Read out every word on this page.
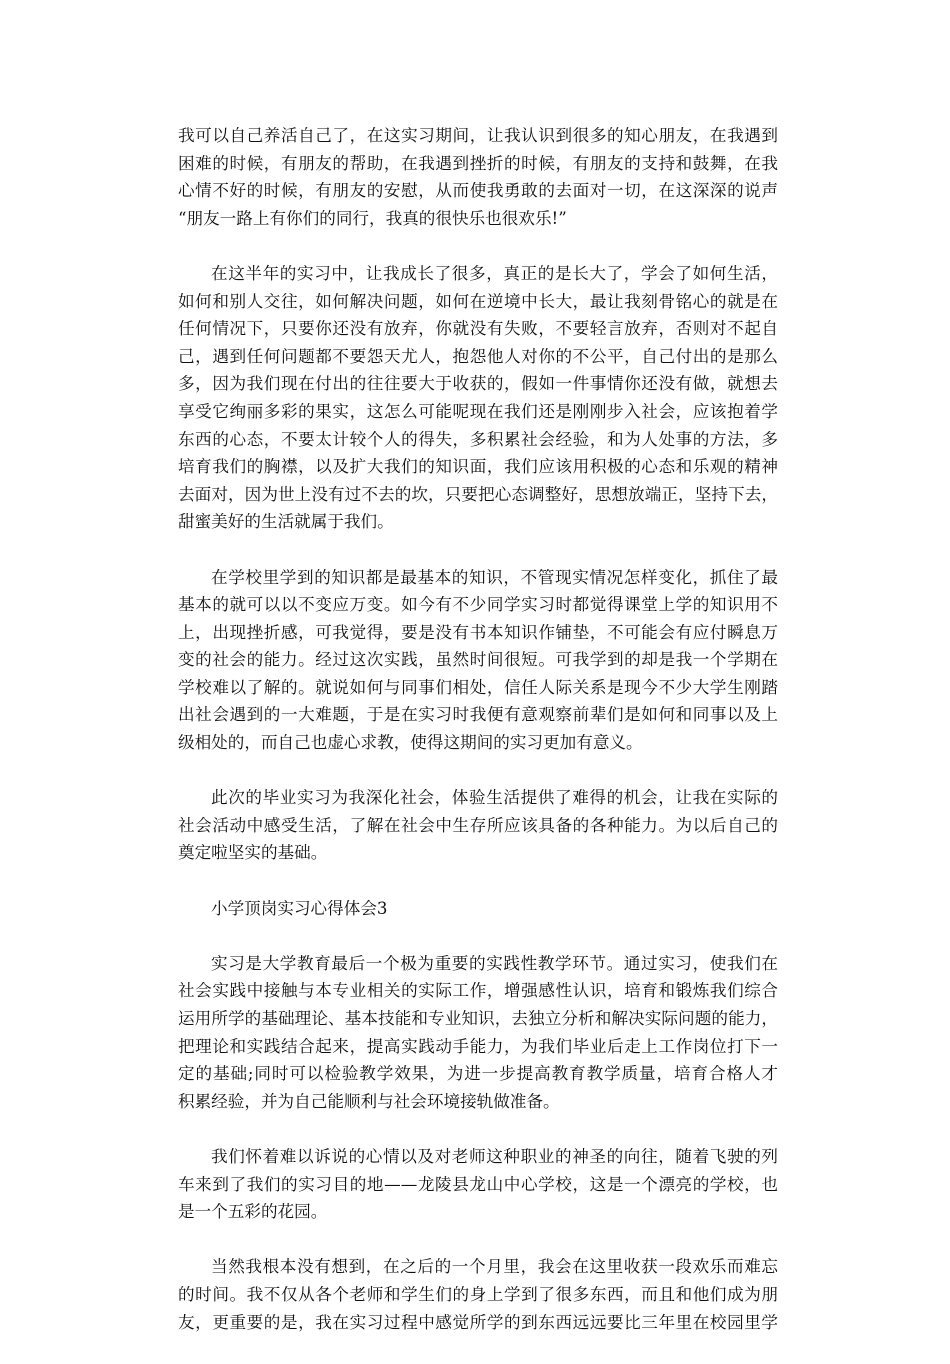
我可以自己养活自己了，在这实习期间，让我认识到很多的知心朋友，在我遇到
困难的时候，有朋友的帮助，在我遇到挫折的时候，有朋友的支持和鼓舞，在我
心情不好的时候，有朋友的安慰，从而使我勇敢的去面对一切，在这深深的说声
“朋友一路上有你们的同行，我真的很快乐也很欢乐!”
在这半年的实习中，让我成长了很多，真正的是长大了，学会了如何生活，
如何和别人交往，如何解决问题，如何在逆境中长大，最让我刻骨铭心的就是在
任何情况下，只要你还没有放弃，你就没有失败，不要轻言放弃，否则对不起自
己，遇到任何问题都不要怨天尤人，抱怨他人对你的不公平，自己付出的是那么
多，因为我们现在付出的往往要大于收获的，假如一件事情你还没有做，就想去
享受它绚丽多彩的果实，这怎么可能呢现在我们还是刚刚步入社会，应该抱着学
东西的心态，不要太计较个人的得失，多积累社会经验，和为人处事的方法，多
培育我们的胸襟，以及扩大我们的知识面，我们应该用积极的心态和乐观的精神
去面对，因为世上没有过不去的坎，只要把心态调整好，思想放端正，坚持下去，
甜蜜美好的生活就属于我们。
在学校里学到的知识都是最基本的知识，不管现实情况怎样变化，抓住了最
基本的就可以以不变应万变。如今有不少同学实习时都觉得课堂上学的知识用不
上，出现挫折感，可我觉得，要是没有书本知识作铺垫，不可能会有应付瞬息万
变的社会的能力。经过这次实践，虽然时间很短。可我学到的却是我一个学期在
学校难以了解的。就说如何与同事们相处，信任人际关系是现今不少大学生刚踏
出社会遇到的一大难题，于是在实习时我便有意观察前辈们是如何和同事以及上
级相处的，而自己也虚心求教，使得这期间的实习更加有意义。
此次的毕业实习为我深化社会，体验生活提供了难得的机会，让我在实际的
社会活动中感受生活，了解在社会中生存所应该具备的各种能力。为以后自己的
奠定啦坚实的基础。
小学顶岗实习心得体会3
实习是大学教育最后一个极为重要的实践性教学环节。通过实习，使我们在
社会实践中接触与本专业相关的实际工作，增强感性认识，培育和锻炼我们综合
运用所学的基础理论、基本技能和专业知识，去独立分析和解决实际问题的能力，
把理论和实践结合起来，提高实践动手能力，为我们毕业后走上工作岗位打下一
定的基础;同时可以检验教学效果，为进一步提高教育教学质量，培育合格人才
积累经验，并为自己能顺利与社会环境接轨做准备。
我们怀着难以诉说的心情以及对老师这种职业的神圣的向往，随着飞驶的列
车来到了我们的实习目的地——龙陵县龙山中心学校，这是一个漂亮的学校，也
是一个五彩的花园。
当然我根本没有想到，在之后的一个月里，我会在这里收获一段欢乐而难忘
的时间。我不仅从各个老师和学生们的身上学到了很多东西，而且和他们成为朋
友，更重要的是，我在实习过程中感觉所学的到东西远远要比三年里在校园里学
